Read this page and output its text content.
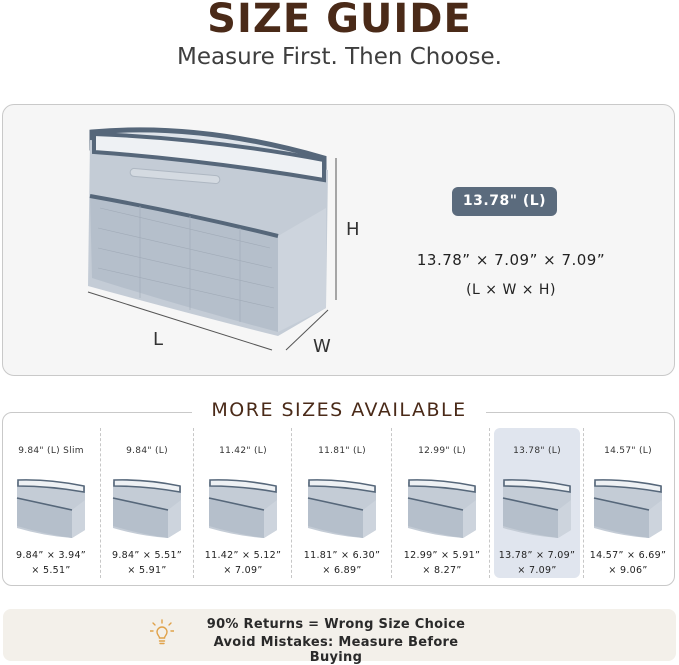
SIZE GUIDE
Measure First. Then Choose.
H
L	W
13.78" (L)
13.78” × 7.09” × 7.09”
(L × W × H)
MORE SIZES AVAILABLE
9.84" (L) Slim
9.84” × 3.94”
× 5.51”
9.84" (L)
9.84” × 5.51”
× 5.91”
11.42" (L)
11.42” × 5.12”
× 7.09”
11.81" (L)
11.81” × 6.30”
× 6.89”
12.99" (L)
12.99” × 5.91”
× 8.27”
13.78" (L)
13.78” × 7.09”
× 7.09”
14.57" (L)
14.57” × 6.69”
× 9.06”
90% Returns = Wrong Size Choice
Avoid Mistakes: Measure Before Buying
